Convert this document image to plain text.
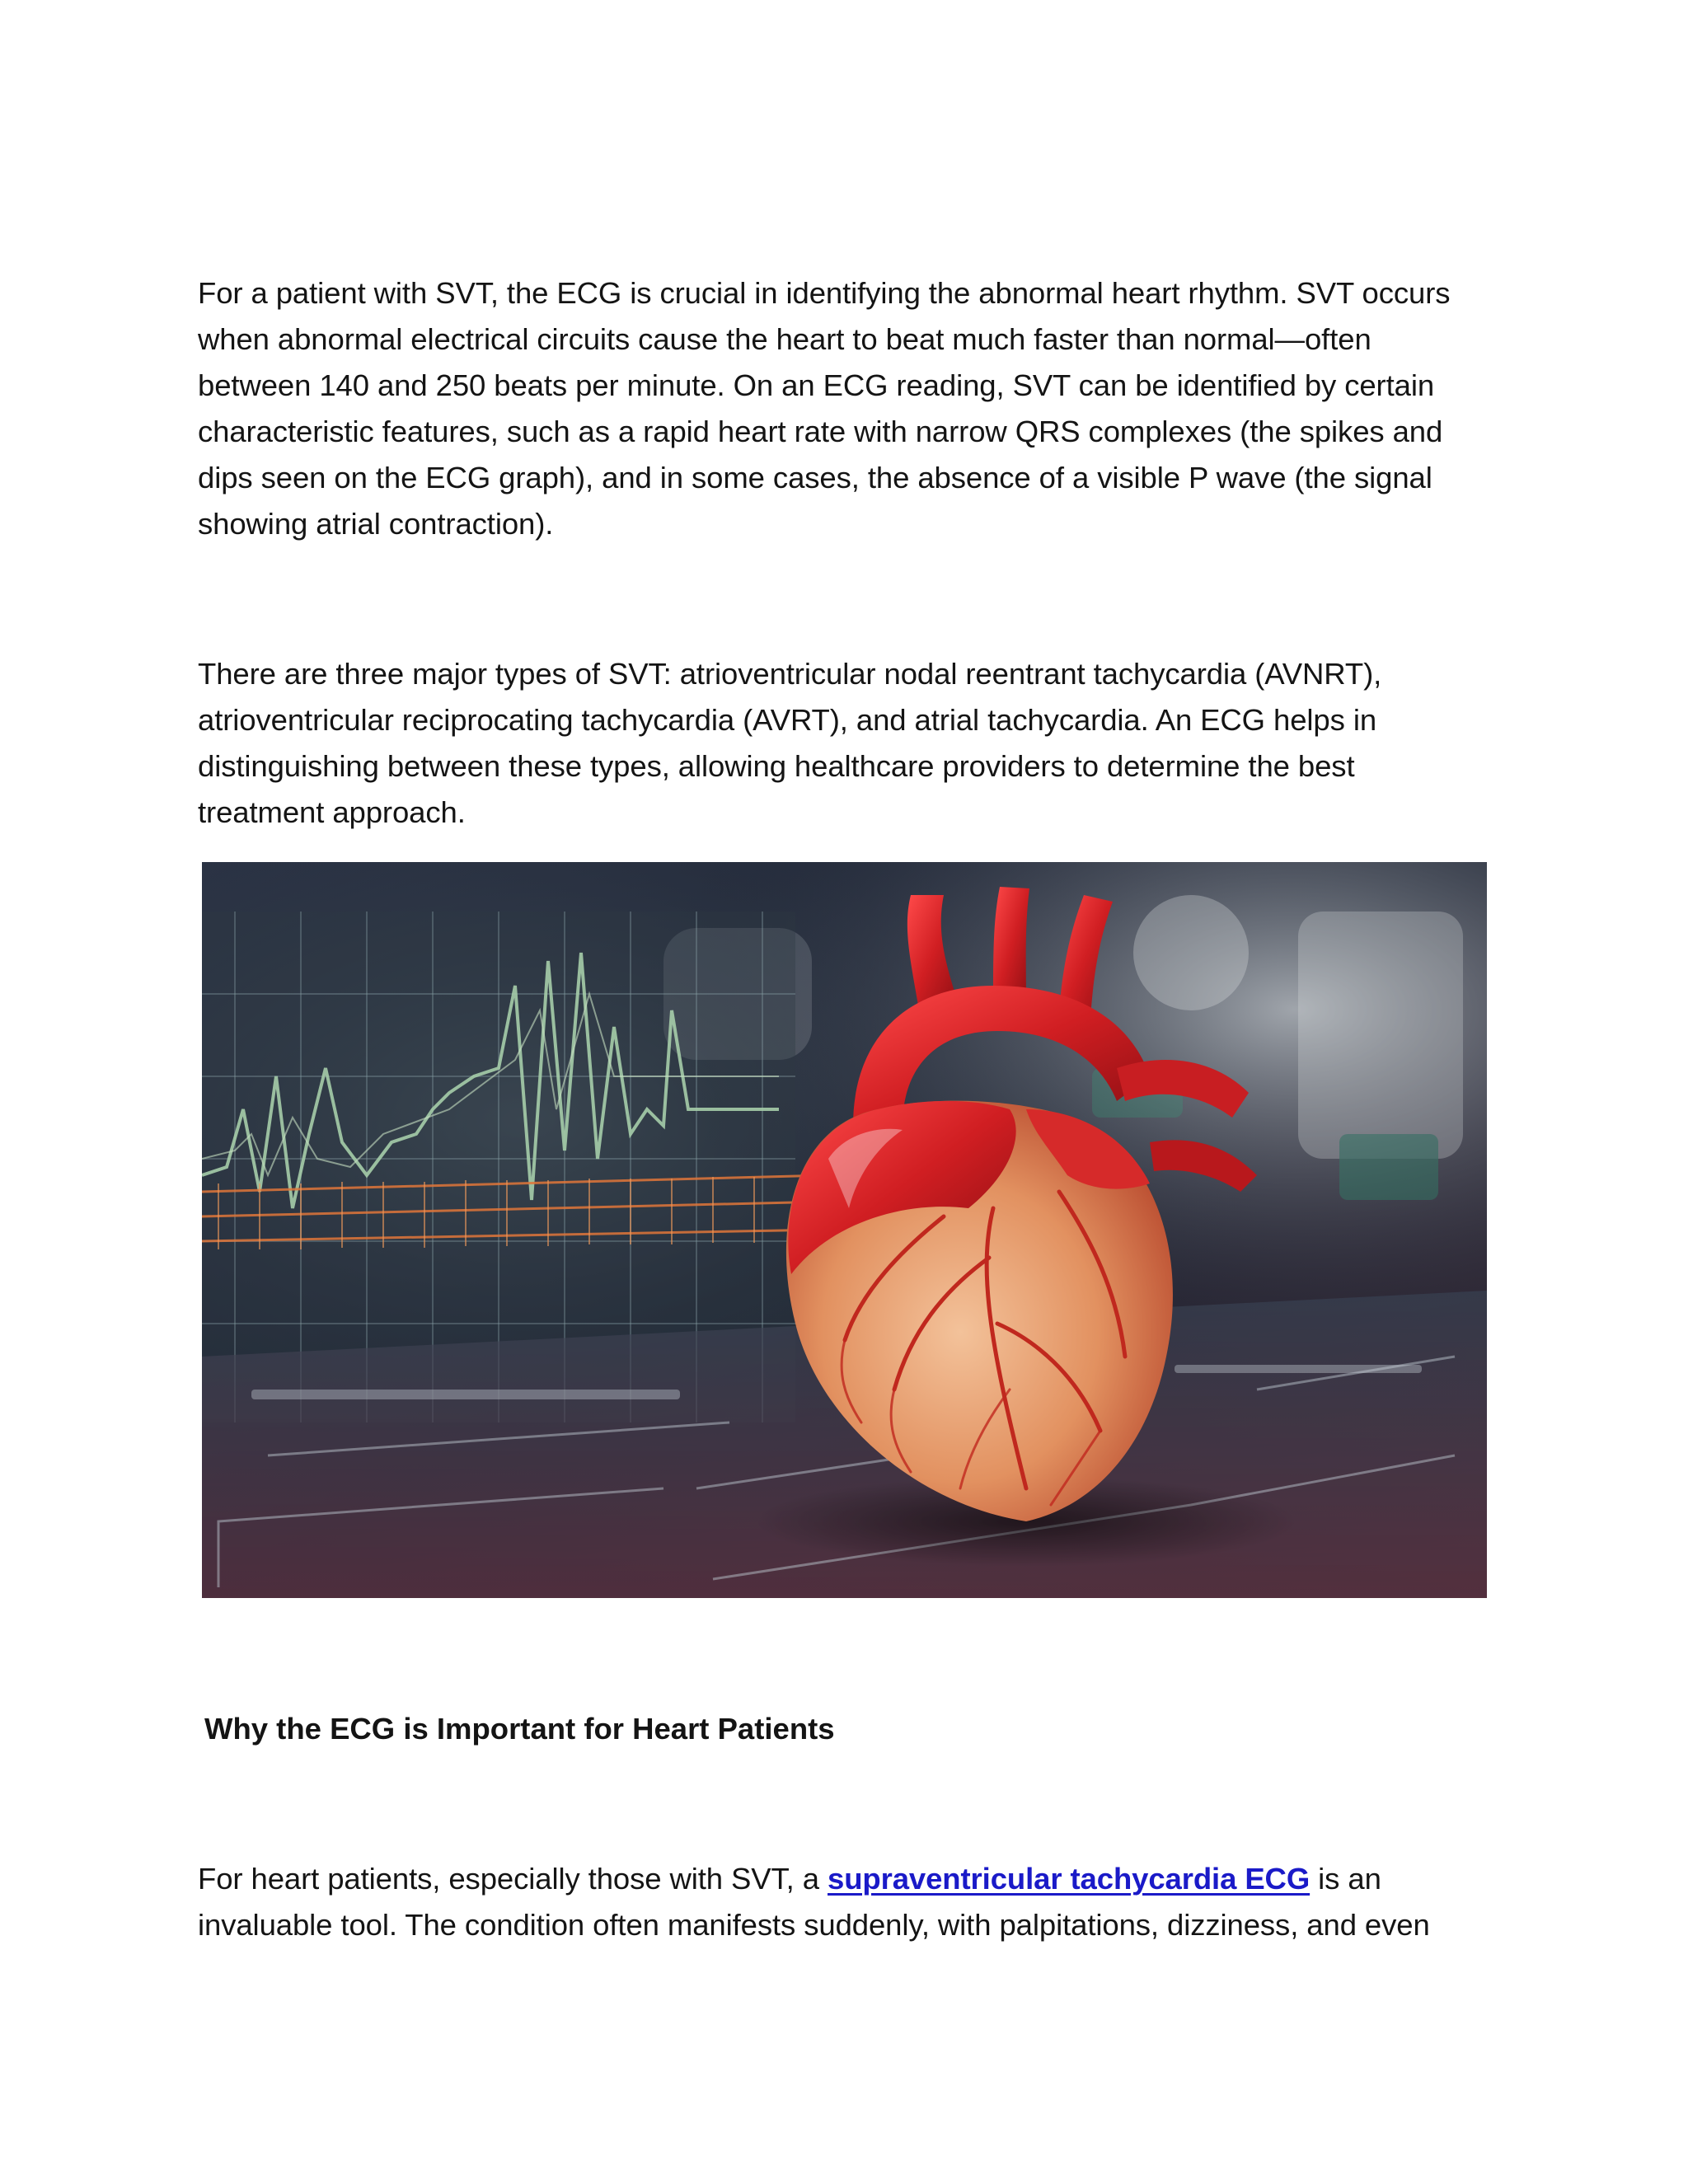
For a patient with SVT, the ECG is crucial in identifying the abnormal heart rhythm. SVT occurs when abnormal electrical circuits cause the heart to beat much faster than normal—often between 140 and 250 beats per minute. On an ECG reading, SVT can be identified by certain characteristic features, such as a rapid heart rate with narrow QRS complexes (the spikes and dips seen on the ECG graph), and in some cases, the absence of a visible P wave (the signal showing atrial contraction).

There are three major types of SVT: atrioventricular nodal reentrant tachycardia (AVNRT), atrioventricular reciprocating tachycardia (AVRT), and atrial tachycardia. An ECG helps in distinguishing between these types, allowing healthcare providers to determine the best treatment approach.

Why the ECG is Important for Heart Patients

For heart patients, especially those with SVT, a supraventricular tachycardia ECG is an invaluable tool. The condition often manifests suddenly, with palpitations, dizziness, and even
